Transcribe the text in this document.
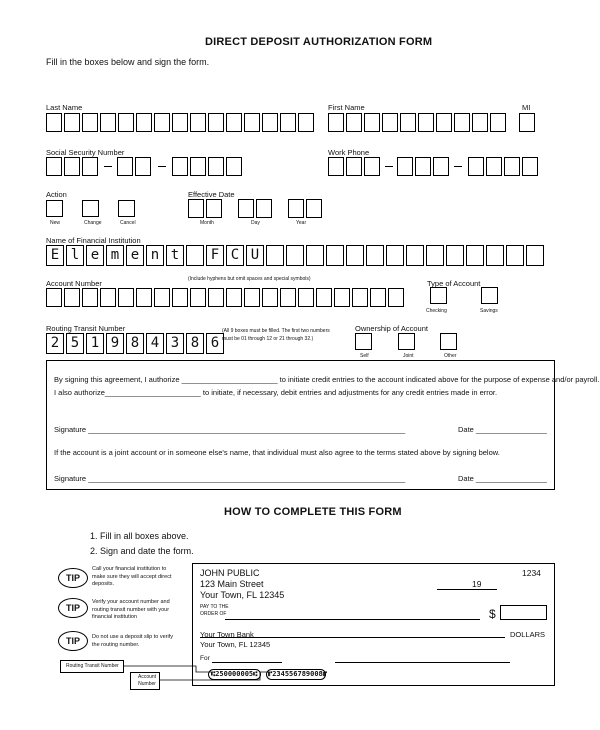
DIRECT DEPOSIT AUTHORIZATION FORM
Fill in the boxes below and sign the form.
Last Name	First Name	MI
Social Security Number	Work Phone
Action	Effective Date
New	Change	Cancel	Month	Day	Year
Name of Financial Institution
E l e m e n t	F C U
Account Number	(Include hyphens but omit spaces and special symbols)	Type of Account
Checking	Savings
Routing Transit Number
2 5 1 9 8 4 3 8 6
(All 9 boxes must be filled. The first two numbers
must be 01 through 12 or 21 through 32.)
Ownership of Account
Self	Joint	Other
By signing this agreement, I authorize _______________________ to initiate credit entries to the account indicated above for the purpose of expense and/or payroll.
I also authorize_______________________ to initiate, if necessary, debit entries and adjustments for any credit entries made in error.
Signature ____________________________________________________________________________	Date _________________
If the account is a joint account or in someone else's name, that individual must also agree to the terms stated above by signing below.
Signature ____________________________________________________________________________	Date _________________
HOW TO COMPLETE THIS FORM
1. Fill in all boxes above.
2. Sign and date the form.
TIP
Call your financial institution to
make sure they will accept direct
deposits.
TIP
Verify your account number and
routing transit number with your
financial institution
TIP	Do not use a deposit slip to verify
the routing number.
Routing Transit Number
Account
Number
JOHN PUBLIC
123 Main Street
Your Town, FL 12345
1234
19
PAY TO THE
ORDER OF	$
DOLLARS
Your Town Bank
Your Town, FL 12345
For
⑆250000005⑆ ⑈234556789008⑈
